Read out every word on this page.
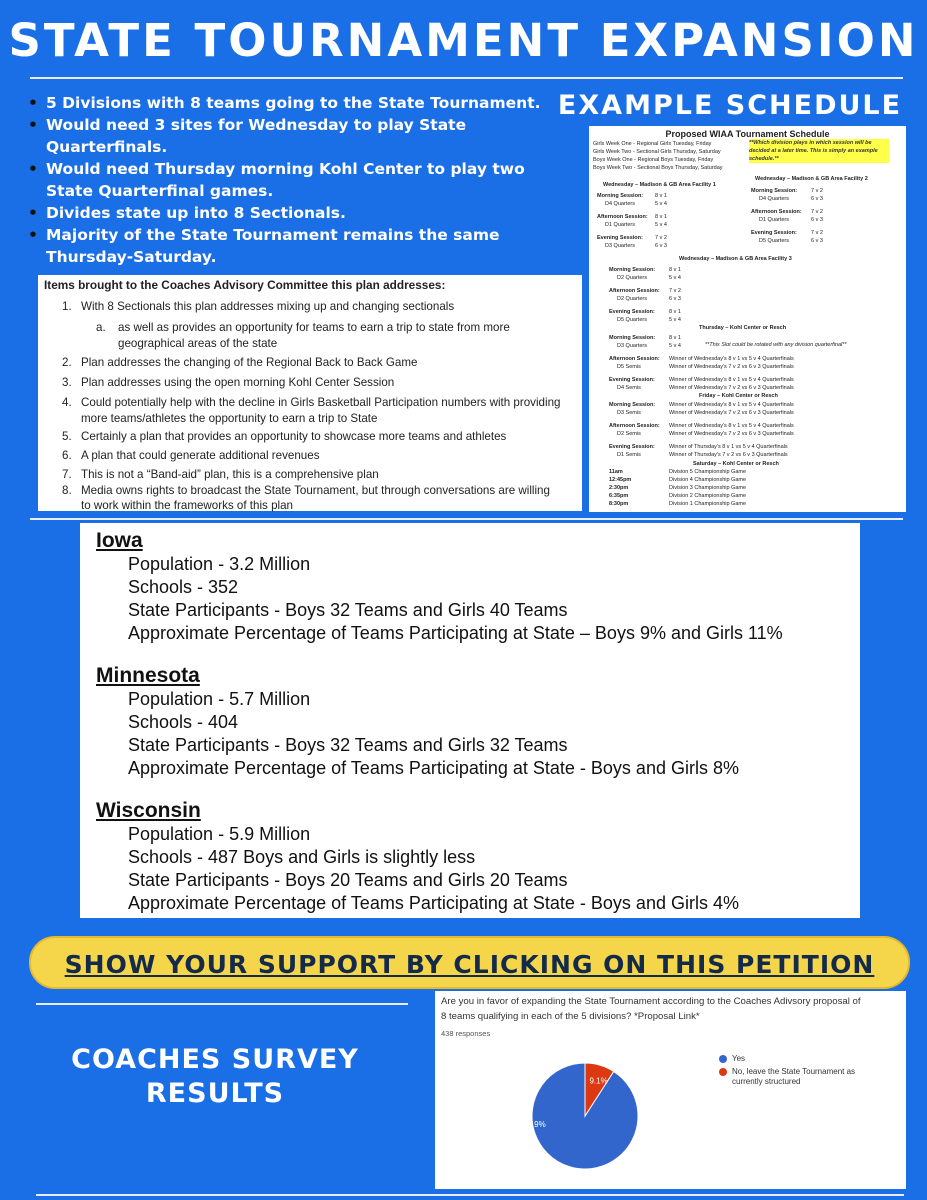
STATE TOURNAMENT EXPANSION
• 5 Divisions with 8 teams going to the State Tournament.
• Would need 3 sites for Wednesday to play State Quarterfinals.
• Would need Thursday morning Kohl Center to play two State Quarterfinal games.
• Divides state up into 8 Sectionals.
• Majority of the State Tournament remains the same Thursday-Saturday.
EXAMPLE SCHEDULE
Items brought to the Coaches Advisory Committee this plan addresses:
1. With 8 Sectionals this plan addresses mixing up and changing sectionals
a. as well as provides an opportunity for teams to earn a trip to state from more
geographical areas of the state
2. Plan addresses the changing of the Regional Back to Back Game
3. Plan addresses using the open morning Kohl Center Session
4. Could potentially help with the decline in Girls Basketball Participation numbers with providing
more teams/athletes the opportunity to earn a trip to State
5. Certainly a plan that provides an opportunity to showcase more teams and athletes
6. A plan that could generate additional revenues
7. This is not a “Band-aid” plan, this is a comprehensive plan
8. Media owns rights to broadcast the State Tournament, but through conversations are willing
to work within the frameworks of this plan
Proposed WIAA Tournament Schedule
Girls Week One - Regional Girls Tuesday, Friday
Girls Week Two - Sectional Girls Thursday, Saturday
Boys Week One - Regional Boys Tuesday, Friday
Boys Week Two - Sectional Boys Thursday, Saturday
**Which division plays in which session will be decided at a later time. This is simply an example schedule.**
Wednesday – Madison & GB Area Facility 1
Wednesday – Madison & GB Area Facility 2
Morning Session: 8 v 1
D4 Quarters	5 v 4
Afternoon Session: 8 v 1
D1 Quarters	5 v 4
Evening Session: 7 v 2
D3 Quarters	6 v 3
Morning Session:	7 v 2
D4 Quarters	6 v 3
Afternoon Session: 7 v 2
D1 Quarters	6 v 3
Evening Session:	7 v 2
D5 Quarters	6 v 3
Wednesday – Madison & GB Area Facility 3
Morning Session:	8 v 1
D2 Quarters	5 v 4
Afternoon Session: 7 v 2
D2 Quarters	6 v 3
Evening Session:	8 v 1
D5 Quarters	5 v 4
Thursday – Kohl Center or Resch
**This Slot could be rotated with any division quarterfinal**
Morning Session:	8 v 1
D3 Quarters	5 v 4
Afternoon Session: Winner of Wednesday's 8 v 1 vs 5 v 4 Quarterfinals
D5 Semis	Winner of Wednesday's 7 v 2 vs 6 v 3 Quarterfinals
Evening Session:	Winner of Wednesday's 8 v 1 vs 5 v 4 Quarterfinals
D4 Semis	Winner of Wednesday's 7 v 2 vs 6 v 3 Quarterfinals
Friday – Kohl Center or Resch
Morning Session:	Winner of Wednesday's 8 v 1 vs 5 v 4 Quarterfinals
D3 Semis	Winner of Wednesday's 7 v 2 vs 6 v 3 Quarterfinals
Afternoon Session: Winner of Wednesday's 8 v 1 vs 5 v 4 Quarterfinals
D2 Semis	Winner of Wednesday's 7 v 2 vs 6 v 3 Quarterfinals
Evening Session:	Winner of Thursday's 8 v 1 vs 5 v 4 Quarterfinals
D1 Semis	Winner of Thursday's 7 v 2 vs 6 v 3 Quarterfinals
Saturday – Kohl Center or Resch
11am	Division 5 Championship Game
12:45pm	Division 4 Championship Game
2:30pm	Division 3 Championship Game
6:35pm	Division 2 Championship Game
8:30pm	Division 1 Championship Game
Iowa
Population - 3.2 Million
Schools - 352
State Participants - Boys 32 Teams and Girls 40 Teams
Approximate Percentage of Teams Participating at State – Boys 9% and Girls 11%
Minnesota
Population - 5.7 Million
Schools - 404
State Participants - Boys 32 Teams and Girls 32 Teams
Approximate Percentage of Teams Participating at State - Boys and Girls 8%
Wisconsin
Population - 5.9 Million
Schools - 487 Boys and Girls is slightly less
State Participants - Boys 20 Teams and Girls 20 Teams
Approximate Percentage of Teams Participating at State - Boys and Girls 4%
SHOW YOUR SUPPORT BY CLICKING ON THIS PETITION
COACHES SURVEY
RESULTS
Are you in favor of expanding the State Tournament according to the Coaches Adivsory proposal of
8 teams qualifying in each of the 5 divisions? *Proposal Link*
438 responses
90.9%
9.1%
Yes
No, leave the State Tournament as
currently structured
